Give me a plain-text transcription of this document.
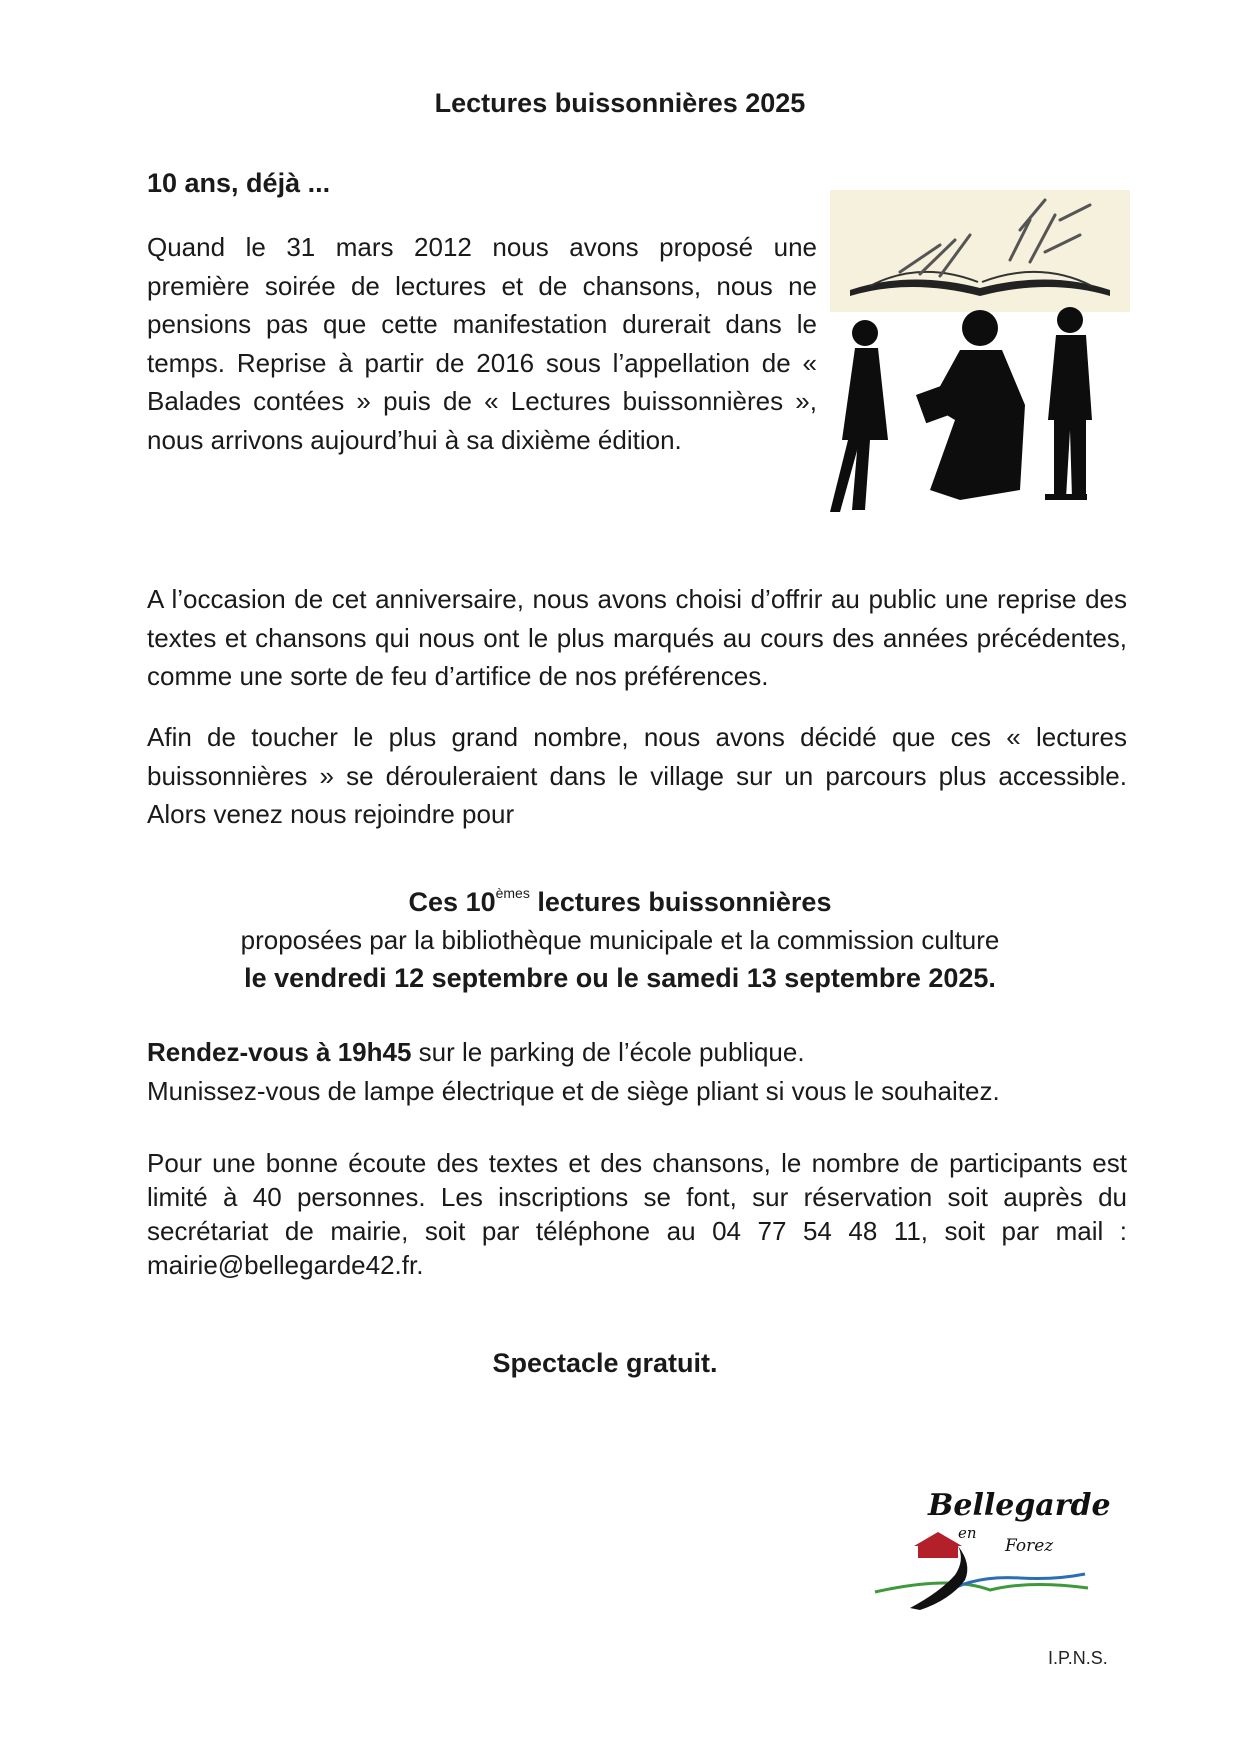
Lectures buissonnières 2025
10 ans, déjà ...
Quand le 31 mars 2012 nous avons proposé une première soirée de lectures et de chansons, nous ne pensions pas que cette manifestation durerait dans le temps. Reprise à partir de 2016 sous l’appellation de « Balades contées » puis de « Lectures buissonnières », nous arrivons aujourd’hui à sa dixième édition.
A l’occasion de cet anniversaire, nous avons choisi d’offrir au public une reprise des textes et chansons qui nous ont le plus marqués au cours des années précédentes, comme une sorte de feu d’artifice de nos préférences.
Afin de toucher le plus grand nombre, nous avons décidé que ces « lectures buissonnières » se dérouleraient dans le village sur un parcours plus accessible. Alors venez nous rejoindre pour
Ces 10èmes lectures buissonnières
proposées par la bibliothèque municipale et la commission culture
le vendredi 12 septembre ou le samedi 13 septembre 2025.
Rendez-vous à 19h45 sur le parking de l’école publique.
Munissez-vous de lampe électrique et de siège pliant si vous le souhaitez.
Pour une bonne écoute des textes et des chansons, le nombre de participants est limité à 40 personnes. Les inscriptions se font, sur réservation soit auprès du secrétariat de mairie, soit par téléphone au 04 77 54 48 11, soit par mail : mairie@bellegarde42.fr.
Spectacle gratuit.
Bellegarde
en
Forez
I.P.N.S.
